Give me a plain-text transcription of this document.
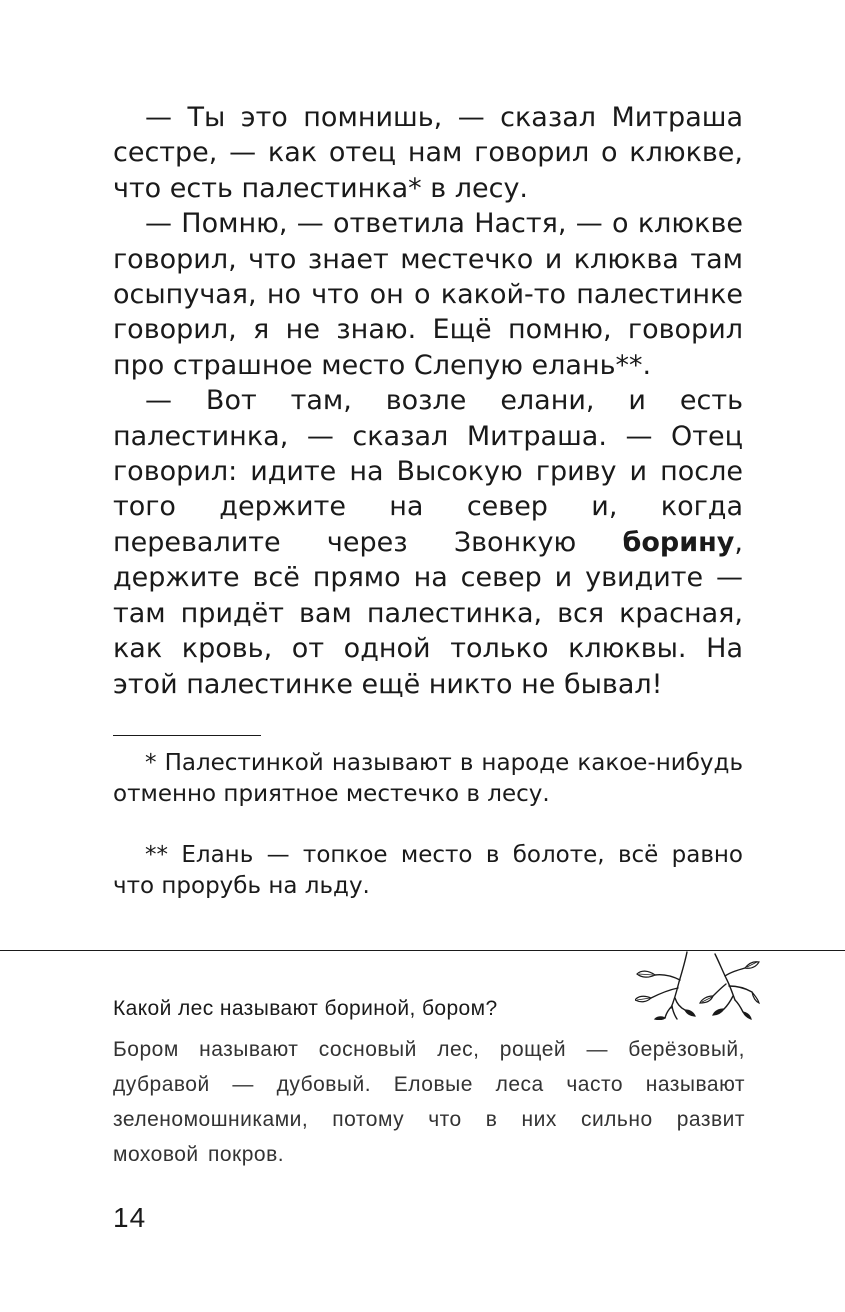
— Ты это помнишь, — сказал Митраша сестре, — как отец нам говорил о клюкве, что есть палестинка* в лесу.

— Помню, — ответила Настя, — о клюкве говорил, что знает местечко и клюква там осыпучая, но что он о какой-то палестинке говорил, я не знаю. Ещё помню, говорил про страшное место Слепую елань**.

— Вот там, возле елани, и есть палестинка, — сказал Митраша. — Отец говорил: идите на Высокую гриву и после того держите на север и, когда перевалите через Звонкую борину, держите всё прямо на север и увидите — там придёт вам палестинка, вся красная, как кровь, от одной только клюквы. На этой палестинке ещё никто не бывал!

* Палестинкой называют в народе какое-нибудь отменно приятное местечко в лесу.

** Елань — топкое место в болоте, всё равно что прорубь на льду.

Какой лес называют бориной, бором?
Бором называют сосновый лес, рощей — берёзовый, дубравой — дубовый. Еловые леса часто называют зеленомошниками, потому что в них сильно развит моховой покров.
14
